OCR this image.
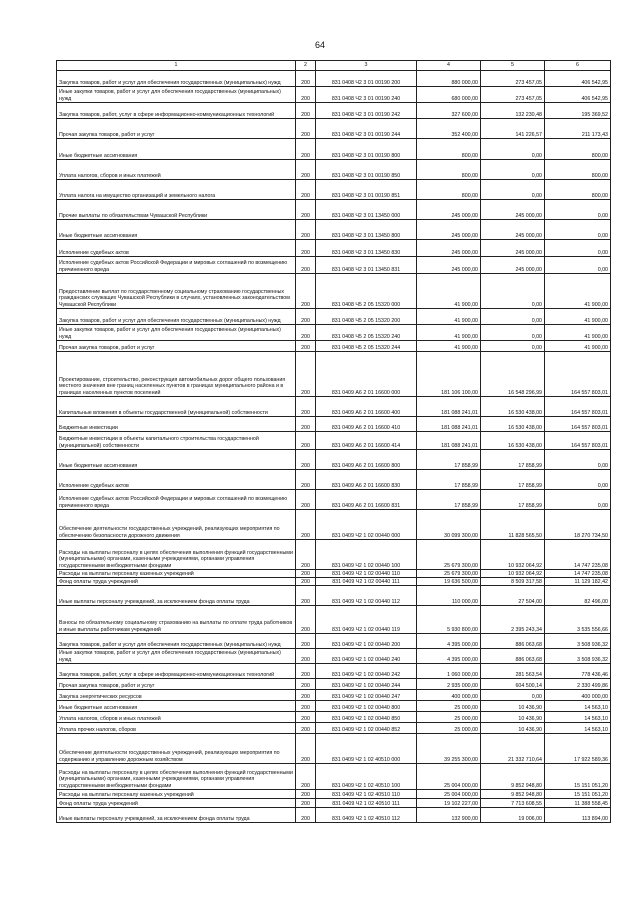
64
1	2	3	4	5	6
Закупка товаров, работ и услуг для обеспечения государственных (муниципальных) нужд	200	831 0408 Ч2 3 01 00190 200	880 000,00	273 457,05	406 542,95
Иные закупки товаров, работ и услуг для обеспечения государственных (муниципальных) нужд	200	831 0408 Ч2 3 01 00190 240	680 000,00	273 457,05	406 542,95
Закупка товаров, работ, услуг в сфере информационно-коммуникационных технологий	200	831 0408 Ч2 3 01 00190 242	327 600,00	132 230,48	195 369,52
Прочая закупка товаров, работ и услуг	200	831 0408 Ч2 3 01 00190 244	352 400,00	141 226,57	211 173,43
Иные бюджетные ассигнования	200	831 0408 Ч2 3 01 00190 800	800,00	0,00	800,00
Уплата налогов, сборов и иных платежей	200	831 0408 Ч2 3 01 00190 850	800,00	0,00	800,00
Уплата налога на имущество организаций и земельного налога	200	831 0408 Ч2 3 01 00190 851	800,00	0,00	800,00
Прочие выплаты по обязательствам Чувашской Республики	200	831 0408 Ч2 3 01 13450 000	245 000,00	245 000,00	0,00
Иные бюджетные ассигнования	200	831 0408 Ч2 3 01 13450 800	245 000,00	245 000,00	0,00
Исполнение судебных актов	200	831 0408 Ч2 3 01 13450 830	245 000,00	245 000,00	0,00
Исполнение судебных актов Российской Федерации и мировых соглашений по возмещению причиненного вреда	200	831 0408 Ч2 3 01 13450 831	245 000,00	245 000,00	0,00
Предоставление выплат по государственному социальному страхованию государственных гражданских служащих Чувашской Республики в случаях, установленных законодательством Чувашской Республики	200	831 0408 Ч5 2 05 15320 000	41 900,00	0,00	41 900,00
Закупка товаров, работ и услуг для обеспечения государственных (муниципальных) нужд	200	831 0408 Ч5 2 05 15320 200	41 900,00	0,00	41 900,00
Иные закупки товаров, работ и услуг для обеспечения государственных (муниципальных) нужд	200	831 0408 Ч5 2 05 15320 240	41 900,00	0,00	41 900,00
Прочая закупка товаров, работ и услуг	200	831 0408 Ч5 2 05 15320 244	41 900,00	0,00	41 900,00
Проектирование, строительство, реконструкция автомобильных дорог общего пользования местного значения вне границ населенных пунктов в границах муниципального района и в границах населенных пунктов поселений	200	831 0409 А6 2 01 16600 000	181 106 100,00	16 548 296,99	164 557 803,01
Капитальные вложения в объекты государственной (муниципальной) собственности	200	831 0409 А6 2 01 16600 400	181 088 241,01	16 530 438,00	164 557 803,01
Бюджетные инвестиции	200	831 0409 А6 2 01 16600 410	181 088 241,01	16 530 438,00	164 557 803,01
Бюджетные инвестиции в объекты капитального строительства государственной (муниципальной) собственности	200	831 0409 А6 2 01 16600 414	181 088 241,01	16 530 438,00	164 557 803,01
Иные бюджетные ассигнования	200	831 0409 А6 2 01 16600 800	17 858,99	17 858,99	0,00
Исполнение судебных актов	200	831 0409 А6 2 01 16600 830	17 858,99	17 858,99	0,00
Исполнение судебных актов Российской Федерации и мировых соглашений по возмещению причиненного вреда	200	831 0409 А6 2 01 16600 831	17 858,99	17 858,99	0,00
Обеспечение деятельности государственных учреждений, реализующих мероприятия по обеспечению безопасности дорожного движения	200	831 0409 Ч2 1 02 00440 000	30 099 300,00	11 828 565,50	18 270 734,50
Расходы на выплаты персоналу в целях обеспечения выполнения функций государственными (муниципальными) органами, казенными учреждениями, органами управления государственными внебюджетными фондами	200	831 0409 Ч2 1 02 00440 100	25 679 300,00	10 932 064,92	14 747 235,08
Расходы на выплаты персоналу казенных учреждений	200	831 0409 Ч2 1 02 00440 110	25 679 300,00	10 932 064,92	14 747 235,08
Фонд оплаты труда учреждений	200	831 0409 Ч2 1 02 00440 111	19 636 500,00	8 509 317,58	11 129 182,42
Иные выплаты персоналу учреждений, за исключением фонда оплаты труда	200	831 0409 Ч2 1 02 00440 112	110 000,00	27 504,00	82 496,00
Взносы по обязательному социальному страхованию на выплаты по оплате труда работников и иные выплаты работникам учреждений	200	831 0409 Ч2 1 02 00440 119	5 930 800,00	2 395 243,34	3 535 556,66
Закупка товаров, работ и услуг для обеспечения государственных (муниципальных) нужд	200	831 0409 Ч2 1 02 00440 200	4 395 000,00	886 063,68	3 508 936,32
Иные закупки товаров, работ и услуг для обеспечения государственных (муниципальных) нужд	200	831 0409 Ч2 1 02 00440 240	4 395 000,00	886 063,68	3 508 936,32
Закупка товаров, работ, услуг в сфере информационно-коммуникационных технологий	200	831 0409 Ч2 1 02 00440 242	1 060 000,00	281 563,54	778 436,46
Прочая закупка товаров, работ и услуг	200	831 0409 Ч2 1 02 00440 244	2 935 000,00	604 500,14	2 330 499,86
Закупка энергетических ресурсов	200	831 0409 Ч2 1 02 00440 247	400 000,00	0,00	400 000,00
Иные бюджетные ассигнования	200	831 0409 Ч2 1 02 00440 800	25 000,00	10 436,90	14 563,10
Уплата налогов, сборов и иных платежей	200	831 0409 Ч2 1 02 00440 850	25 000,00	10 436,90	14 563,10
Уплата прочих налогов, сборов	200	831 0409 Ч2 1 02 00440 852	25 000,00	10 436,90	14 563,10
Обеспечение деятельности государственных учреждений, реализующих мероприятия по содержанию и управлению дорожным хозяйством	200	831 0409 Ч2 1 02 40510 000	39 255 300,00	21 332 710,64	17 922 589,36
Расходы на выплаты персоналу в целях обеспечения выполнения функций государственными (муниципальными) органами, казенными учреждениями, органами управления государственными внебюджетными фондами	200	831 0409 Ч2 1 02 40510 100	25 004 000,00	9 852 948,80	15 151 051,20
Расходы на выплаты персоналу казенных учреждений	200	831 0409 Ч2 1 02 40510 110	25 004 000,00	9 852 948,80	15 151 051,20
Фонд оплаты труда учреждений	200	831 0409 Ч2 1 02 40510 111	19 102 227,00	7 713 608,55	11 388 558,45
Иные выплаты персоналу учреждений, за исключением фонда оплаты труда	200	831 0409 Ч2 1 02 40510 112	132 900,00	19 006,00	113 894,00
